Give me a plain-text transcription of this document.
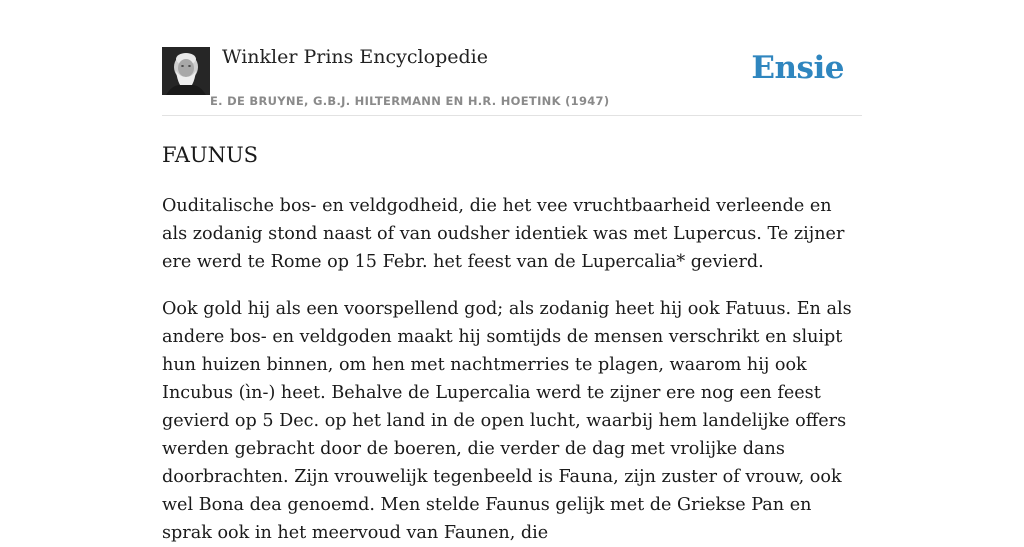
Winkler Prins Encyclopedie
E. DE BRUYNE, G.B.J. HILTERMANN EN H.R. HOETINK (1947)
Ensie
FAUNUS

Ouditalische bos- en veldgodheid, die het vee vruchtbaarheid verleende en als zodanig stond naast of van oudsher identiek was met Lupercus. Te zijner ere werd te Rome op 15 Febr. het feest van de Lupercalia* gevierd.

Ook gold hij als een voorspellend god; als zodanig heet hij ook Fatuus. En als andere bos- en veldgoden maakt hij somtijds de mensen verschrikt en sluipt hun huizen binnen, om hen met nachtmerries te plagen, waarom hij ook Incubus (ìn-) heet. Behalve de Lupercalia werd te zijner ere nog een feest gevierd op 5 Dec. op het land in de open lucht, waarbij hem landelijke offers werden gebracht door de boeren, die verder de dag met vrolijke dans doorbrachten. Zijn vrouwelijk tegenbeeld is Fauna, zijn zuster of vrouw, ook wel Bona dea genoemd. Men stelde Faunus gelijk met de Griekse Pan en sprak ook in het meervoud van Faunen, die
